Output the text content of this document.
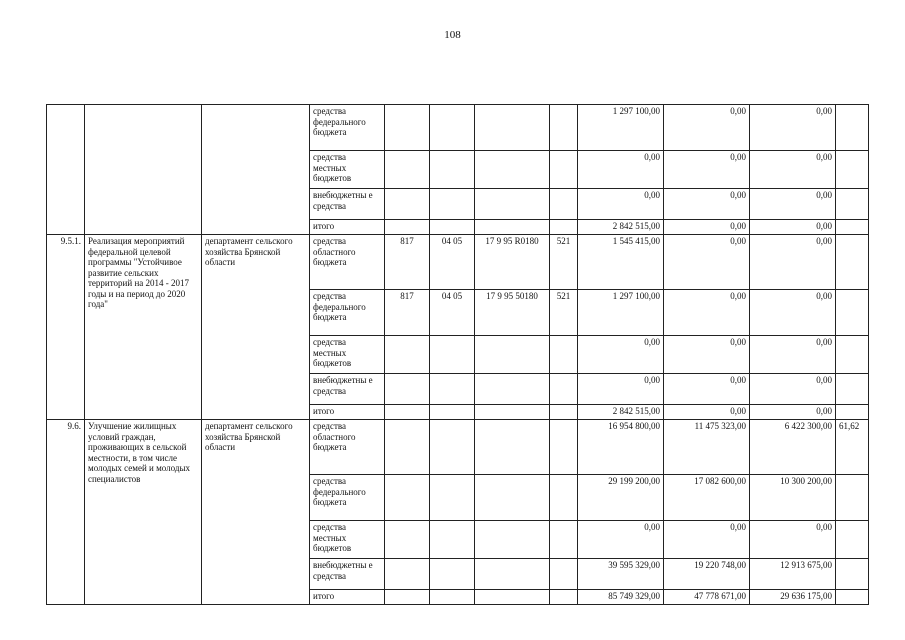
108
			средства федерального бюджета					1 297 100,00	0,00	0,00	
			средства местных бюджетов					0,00	0,00	0,00	
			внебюджетны е средства					0,00	0,00	0,00	
			итого					2 842 515,00	0,00	0,00	
9.5.1.	Реализация мероприятий федеральной целевой программы "Устойчивое развитие сельских территорий на 2014 - 2017 годы и на период до 2020 года"	департамент сельского хозяйства Брянской области	средства областного бюджета	817	04 05	17 9 95 R0180	521	1 545 415,00	0,00	0,00	
			средства федерального бюджета	817	04 05	17 9 95 50180	521	1 297 100,00	0,00	0,00	
			средства местных бюджетов					0,00	0,00	0,00	
			внебюджетны е средства					0,00	0,00	0,00	
			итого					2 842 515,00	0,00	0,00	
9.6.	Улучшение жилищных условий граждан, проживающих в сельской местности, в том числе молодых семей и молодых специалистов	департамент сельского хозяйства Брянской области	средства областного бюджета					16 954 800,00	11 475 323,00	6 422 300,00	61,62
			средства федерального бюджета					29 199 200,00	17 082 600,00	10 300 200,00	
			средства местных бюджетов					0,00	0,00	0,00	
			внебюджетны е средства					39 595 329,00	19 220 748,00	12 913 675,00	
			итого					85 749 329,00	47 778 671,00	29 636 175,00	
